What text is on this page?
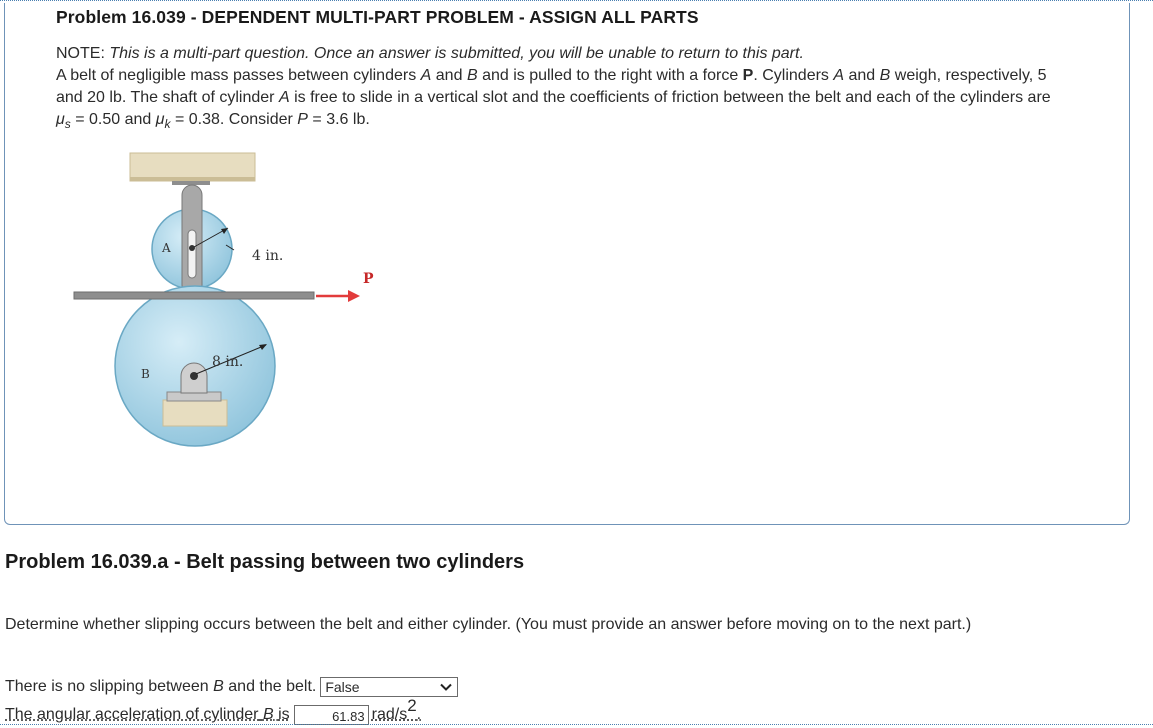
Problem 16.039 - DEPENDENT MULTI-PART PROBLEM - ASSIGN ALL PARTS

NOTE: This is a multi-part question. Once an answer is submitted, you will be unable to return to this part.

A belt of negligible mass passes between cylinders A and B and is pulled to the right with a force P. Cylinders A and B weigh, respectively, 5 and 20 lb. The shaft of cylinder A is free to slide in a vertical slot and the coefficients of friction between the belt and each of the cylinders are $\mu_s = 0.50$ and $\mu_k = 0.38$. Consider P = 3.6 lb.

A	4 in.
P
8 in.
B
Problem 16.039.a - Belt passing between two cylinders
Determine whether slipping occurs between the belt and either cylinder. (You must provide an answer before moving on to the next part.)
There is no slipping between
B
and the belt. False
The angular acceleration of cylinder B is	61.83 rad/s2.
